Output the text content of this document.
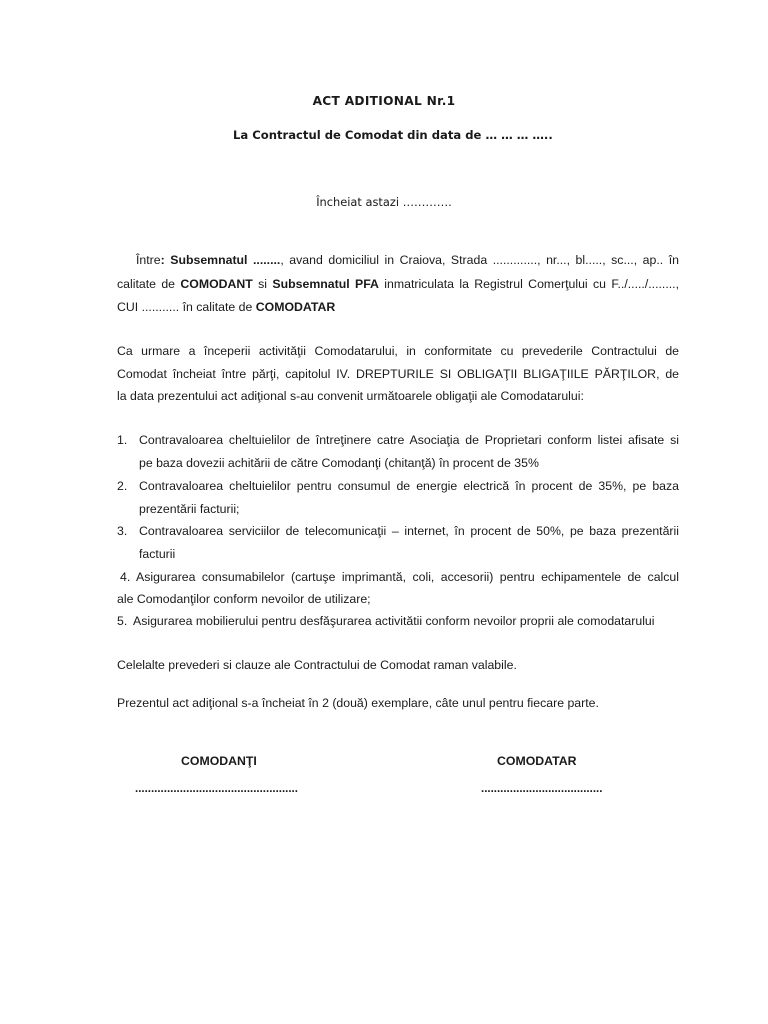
ACT ADITIONAL Nr.1
La Contractul de Comodat din data de … … … …..
Încheiat astazi ………….
Între: Subsemnatul ........, avand domiciliul in Craiova, Strada ............., nr..., bl....., sc..., ap.. în
calitate de COMODANT si Subsemnatul PFA inmatriculata la Registrul Comerţului cu F../...../........,
CUI ........... în calitate de COMODATAR
Ca urmare a începerii activităţii Comodatarului, in conformitate cu prevederile Contractului de
Comodat încheiat între părţi, capitolul IV. DREPTURILE SI OBLIGAŢII BLIGAŢIILE PĂRŢILOR, de
la data prezentului act adiţional s-au convenit următoarele obligaţii ale Comodatarului:
1. Contravaloarea cheltuielilor de întreţinere catre Asociaţia de Proprietari conform listei afisate si
pe baza dovezii achitării de către Comodanţi (chitanţă) în procent de 35%
2. Contravaloarea cheltuielilor pentru consumul de energie electrică în procent de 35%, pe baza
prezentării facturii;
3. Contravaloarea serviciilor de telecomunicaţii – internet, în procent de 50%, pe baza prezentării
facturii
4. Asigurarea consumabilelor (cartuşe imprimantă, coli, accesorii) pentru echipamentele de calcul
ale Comodanţilor conform nevoilor de utilizare;
5. Asigurarea mobilierului pentru desfăşurarea activitătii conform nevoilor proprii ale comodatarului
Celelalte prevederi si clauze ale Contractului de Comodat raman valabile.
Prezentul act adiţional s-a încheiat în 2 (două) exemplare, câte unul pentru fiecare parte.
COMODANŢI	COMODATAR
...................................................	......................................
